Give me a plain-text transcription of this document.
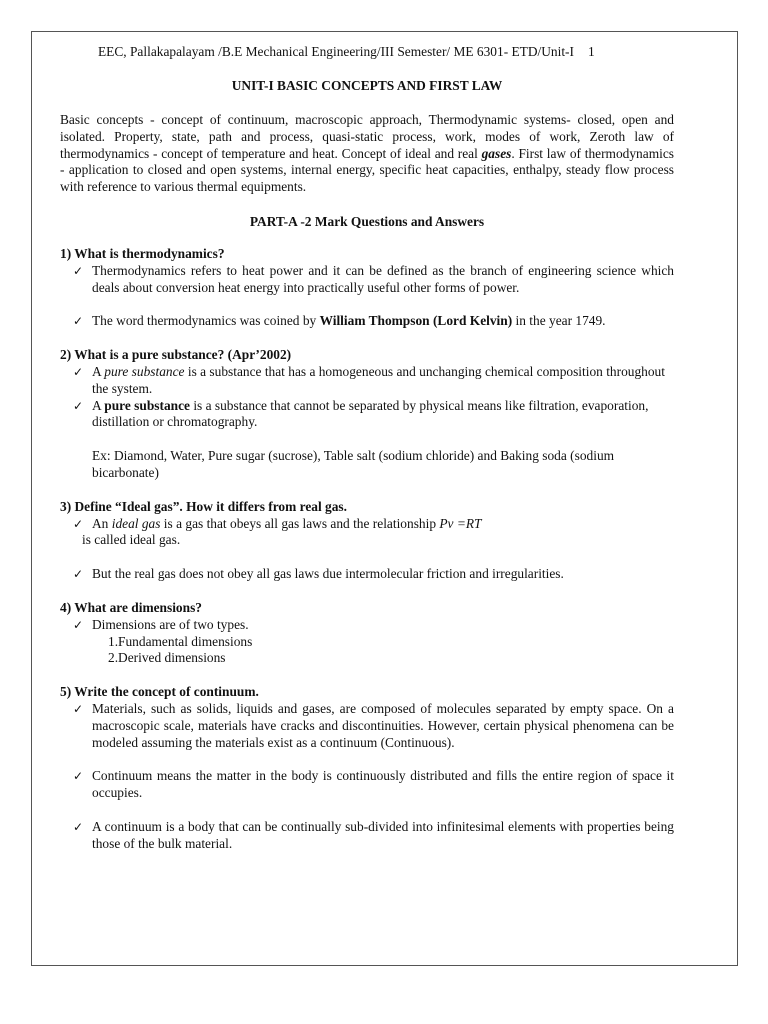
EEC, Pallakapalayam /B.E Mechanical Engineering/III Semester/ ME 6301- ETD/Unit-I 1
UNIT-I BASIC CONCEPTS AND FIRST LAW
Basic concepts - concept of continuum, macroscopic approach, Thermodynamic systems- closed, open and isolated. Property, state, path and process, quasi-static process, work, modes of work, Zeroth law of thermodynamics - concept of temperature and heat. Concept of ideal and real gases. First law of thermodynamics - application to closed and open systems, internal energy, specific heat capacities, enthalpy, steady flow process with reference to various thermal equipments.
PART-A -2 Mark Questions and Answers
1) What is thermodynamics?
✓ Thermodynamics refers to heat power and it can be defined as the branch of engineering science which deals about conversion heat energy into practically useful other forms of power.
✓ The word thermodynamics was coined by William Thompson (Lord Kelvin) in the year 1749.
2) What is a pure substance? (Apr’2002)
✓ A pure substance is a substance that has a homogeneous and unchanging chemical composition throughout the system.
✓ A pure substance is a substance that cannot be separated by physical means like filtration, evaporation, distillation or chromatography.
Ex: Diamond, Water, Pure sugar (sucrose), Table salt (sodium chloride) and Baking soda (sodium bicarbonate)
3) Define “Ideal gas”. How it differs from real gas.
✓ An ideal gas is a gas that obeys all gas laws and the relationship Pv =RT
is called ideal gas.
✓ But the real gas does not obey all gas laws due intermolecular friction and irregularities.
4) What are dimensions?
✓ Dimensions are of two types.
1.Fundamental dimensions
2.Derived dimensions
5) Write the concept of continuum.
✓ Materials, such as solids, liquids and gases, are composed of molecules separated by empty space. On a macroscopic scale, materials have cracks and discontinuities. However, certain physical phenomena can be modeled assuming the materials exist as a continuum (Continuous).
✓ Continuum means the matter in the body is continuously distributed and fills the entire region of space it occupies.
✓ A continuum is a body that can be continually sub-divided into infinitesimal elements with properties being those of the bulk material.
